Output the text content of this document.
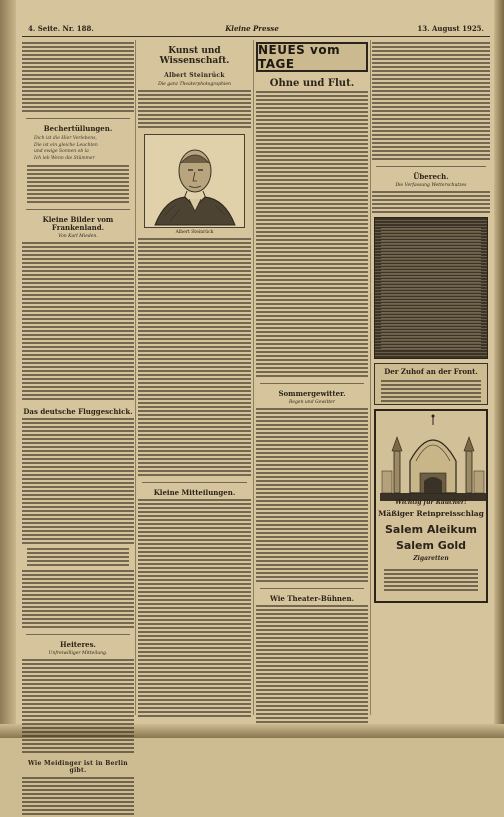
4. Seite. Nr. 188.	Kleine Presse	13. August 1925.
Bechertüllungen.
Dich ist die Hier Verlebens,
Die ist ein gleiche Leuchten
und ewige Sonnen ob la
Ich leb Wenn die Stümmer
Kleine Bilder vom Frankenland.
Von Karl Mieden.
Das deutsche Fluggeschick.
Heiteres.
Unfreiwilliger Mitteilung.
Wie Meidinger ist in Berlin gibt.
Kunst und Wissenschaft.
Albert Steinrück
Die ganz Theaterphotographien
Albert Steinrück
Kleine Mitteilungen.
NEUES vom TAGE
Ohne und Flut.
Sommergewitter.
Regen und Gewitter
Wie Theater-Bühnen.
Überech.
Die Verfassung Wetterschutzes
Der Zuhof an der Front.
Wichtig für Raucher!
Mäßiger Reinpreisschlag
Salem Aleikum
Salem Gold
Zigaretten
